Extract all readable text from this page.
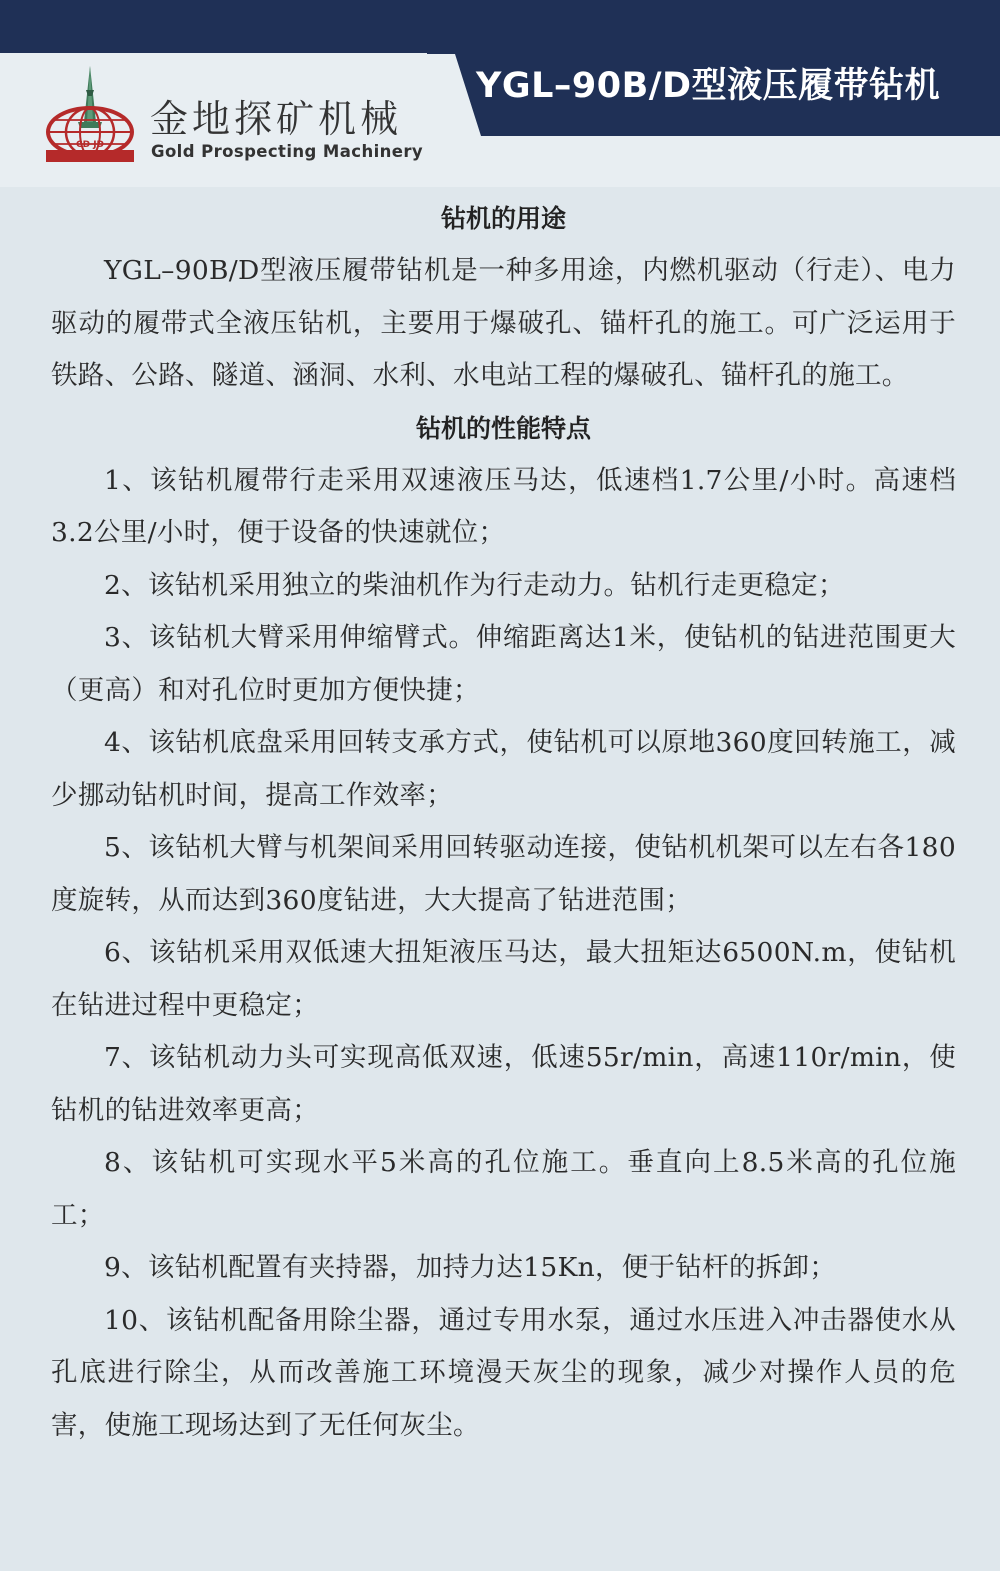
CD JD
金地探矿机械
Gold Prospecting Machinery
YGL–90B/D型液压履带钻机
钻机的用途

YGL–90B/D型液压履带钻机是一种多用途，内燃机驱动（行走）、电力驱动的履带式全液压钻机，主要用于爆破孔、锚杆孔的施工。可广泛运用于铁路、公路、隧道、涵洞、水利、水电站工程的爆破孔、锚杆孔的施工。

钻机的性能特点

1、该钻机履带行走采用双速液压马达，低速档1.7公里/小时。高速档3.2公里/小时，便于设备的快速就位；

2、该钻机采用独立的柴油机作为行走动力。钻机行走更稳定；

3、该钻机大臂采用伸缩臂式。伸缩距离达1米，使钻机的钻进范围更大（更高）和对孔位时更加方便快捷；

4、该钻机底盘采用回转支承方式，使钻机可以原地360度回转施工，减少挪动钻机时间，提高工作效率；

5、该钻机大臂与机架间采用回转驱动连接，使钻机机架可以左右各180度旋转，从而达到360度钻进，大大提高了钻进范围；

6、该钻机采用双低速大扭矩液压马达，最大扭矩达6500N.m，使钻机在钻进过程中更稳定；

7、该钻机动力头可实现高低双速，低速55r/min，高速110r/min，使钻机的钻进效率更高；

8、该钻机可实现水平5米高的孔位施工。垂直向上8.5米高的孔位施工；

9、该钻机配置有夹持器，加持力达15Kn，便于钻杆的拆卸；

10、该钻机配备用除尘器，通过专用水泵，通过水压进入冲击器使水从孔底进行除尘，从而改善施工环境漫天灰尘的现象，减少对操作人员的危害，使施工现场达到了无任何灰尘。
